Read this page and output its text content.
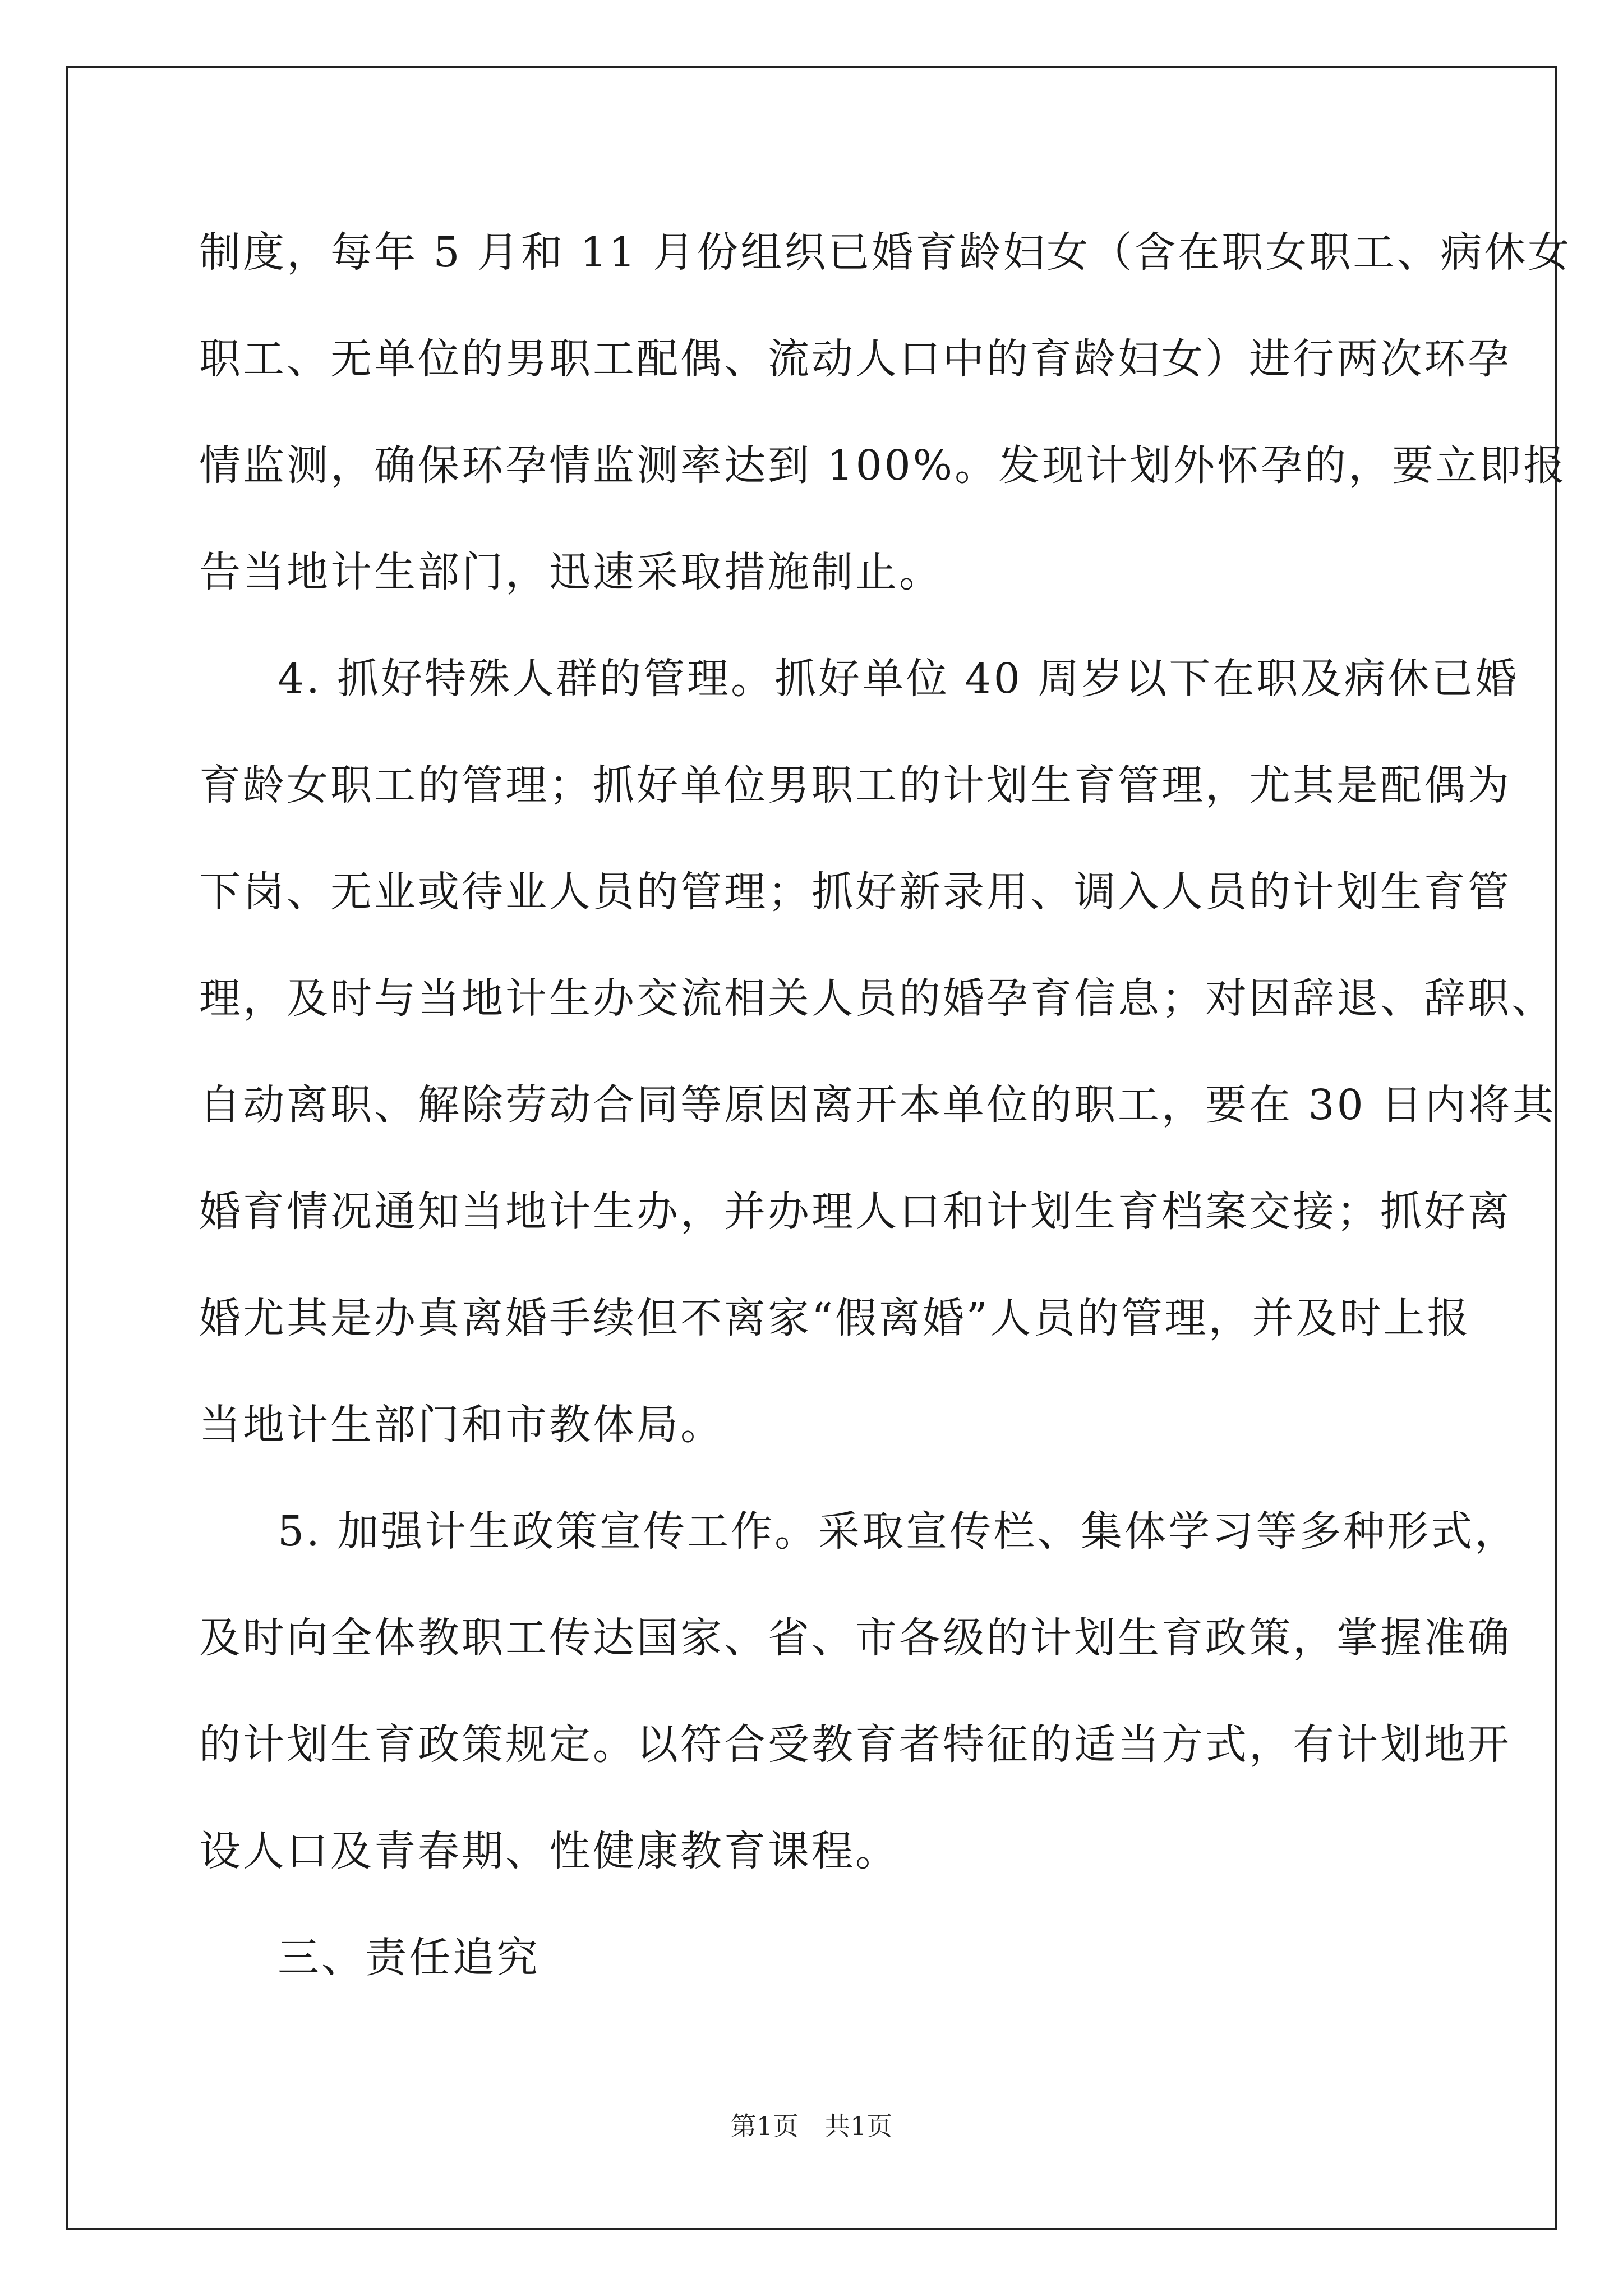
制度，每年 5 月和 11 月份组织已婚育龄妇女（含在职女职工、病休女
职工、无单位的男职工配偶、流动人口中的育龄妇女）进行两次环孕
情监测，确保环孕情监测率达到 100%。发现计划外怀孕的，要立即报
告当地计生部门，迅速采取措施制止。
4. 抓好特殊人群的管理。抓好单位 40 周岁以下在职及病休已婚
育龄女职工的管理；抓好单位男职工的计划生育管理，尤其是配偶为
下岗、无业或待业人员的管理；抓好新录用、调入人员的计划生育管
理，及时与当地计生办交流相关人员的婚孕育信息；对因辞退、辞职、
自动离职、解除劳动合同等原因离开本单位的职工，要在 30 日内将其
婚育情况通知当地计生办，并办理人口和计划生育档案交接；抓好离
婚尤其是办真离婚手续但不离家“假离婚”人员的管理，并及时上报
当地计生部门和市教体局。
5. 加强计生政策宣传工作。采取宣传栏、集体学习等多种形式，
及时向全体教职工传达国家、省、市各级的计划生育政策，掌握准确
的计划生育政策规定。以符合受教育者特征的适当方式，有计划地开
设人口及青春期、性健康教育课程。
三、责任追究
第1页 共1页
